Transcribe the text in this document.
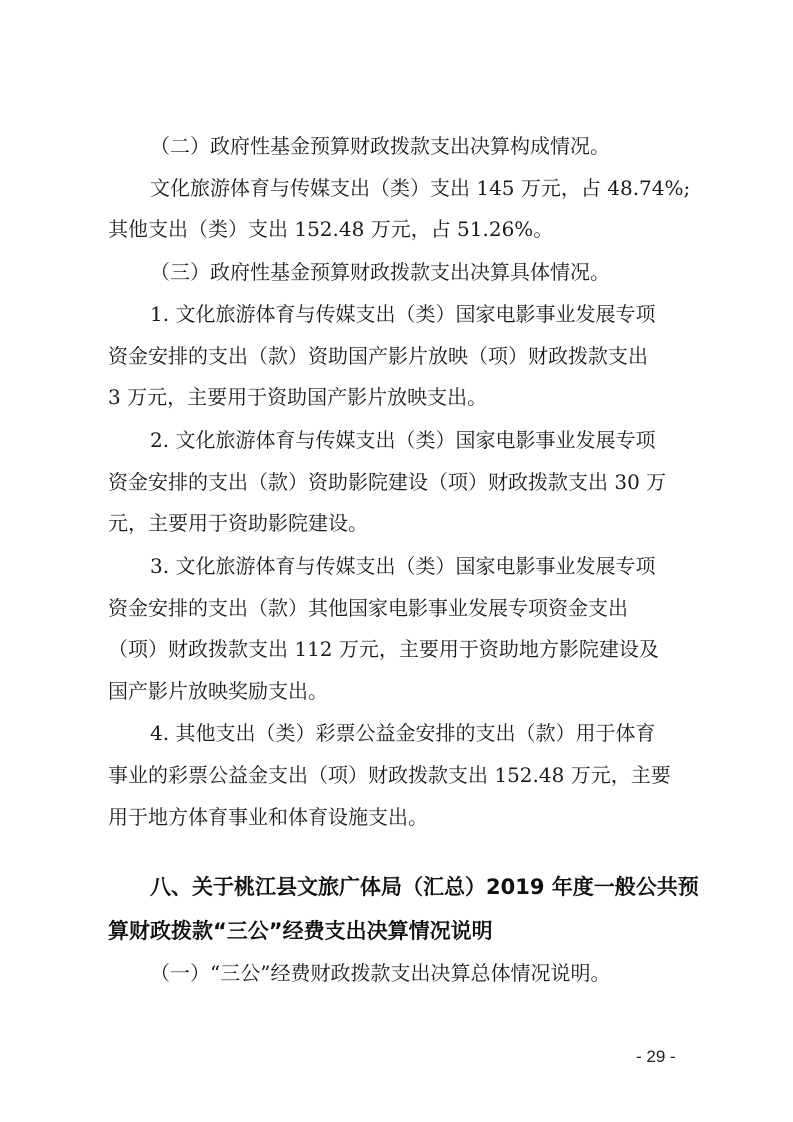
（二）政府性基金预算财政拨款支出决算构成情况。
文化旅游体育与传媒支出（类）支出 145 万元，占 48.74%;
其他支出（类）支出 152.48 万元，占 51.26%。
（三）政府性基金预算财政拨款支出决算具体情况。
1. 文化旅游体育与传媒支出（类）国家电影事业发展专项
资金安排的支出（款）资助国产影片放映（项）财政拨款支出
3 万元，主要用于资助国产影片放映支出。
2. 文化旅游体育与传媒支出（类）国家电影事业发展专项
资金安排的支出（款）资助影院建设（项）财政拨款支出 30 万
元，主要用于资助影院建设。
3. 文化旅游体育与传媒支出（类）国家电影事业发展专项
资金安排的支出（款）其他国家电影事业发展专项资金支出
（项）财政拨款支出 112 万元，主要用于资助地方影院建设及
国产影片放映奖励支出。
4. 其他支出（类）彩票公益金安排的支出（款）用于体育
事业的彩票公益金支出（项）财政拨款支出 152.48 万元，主要
用于地方体育事业和体育设施支出。
八、关于桃江县文旅广体局（汇总）2019 年度一般公共预
算财政拨款“三公”经费支出决算情况说明
（一）“三公”经费财政拨款支出决算总体情况说明。
- 29 -
